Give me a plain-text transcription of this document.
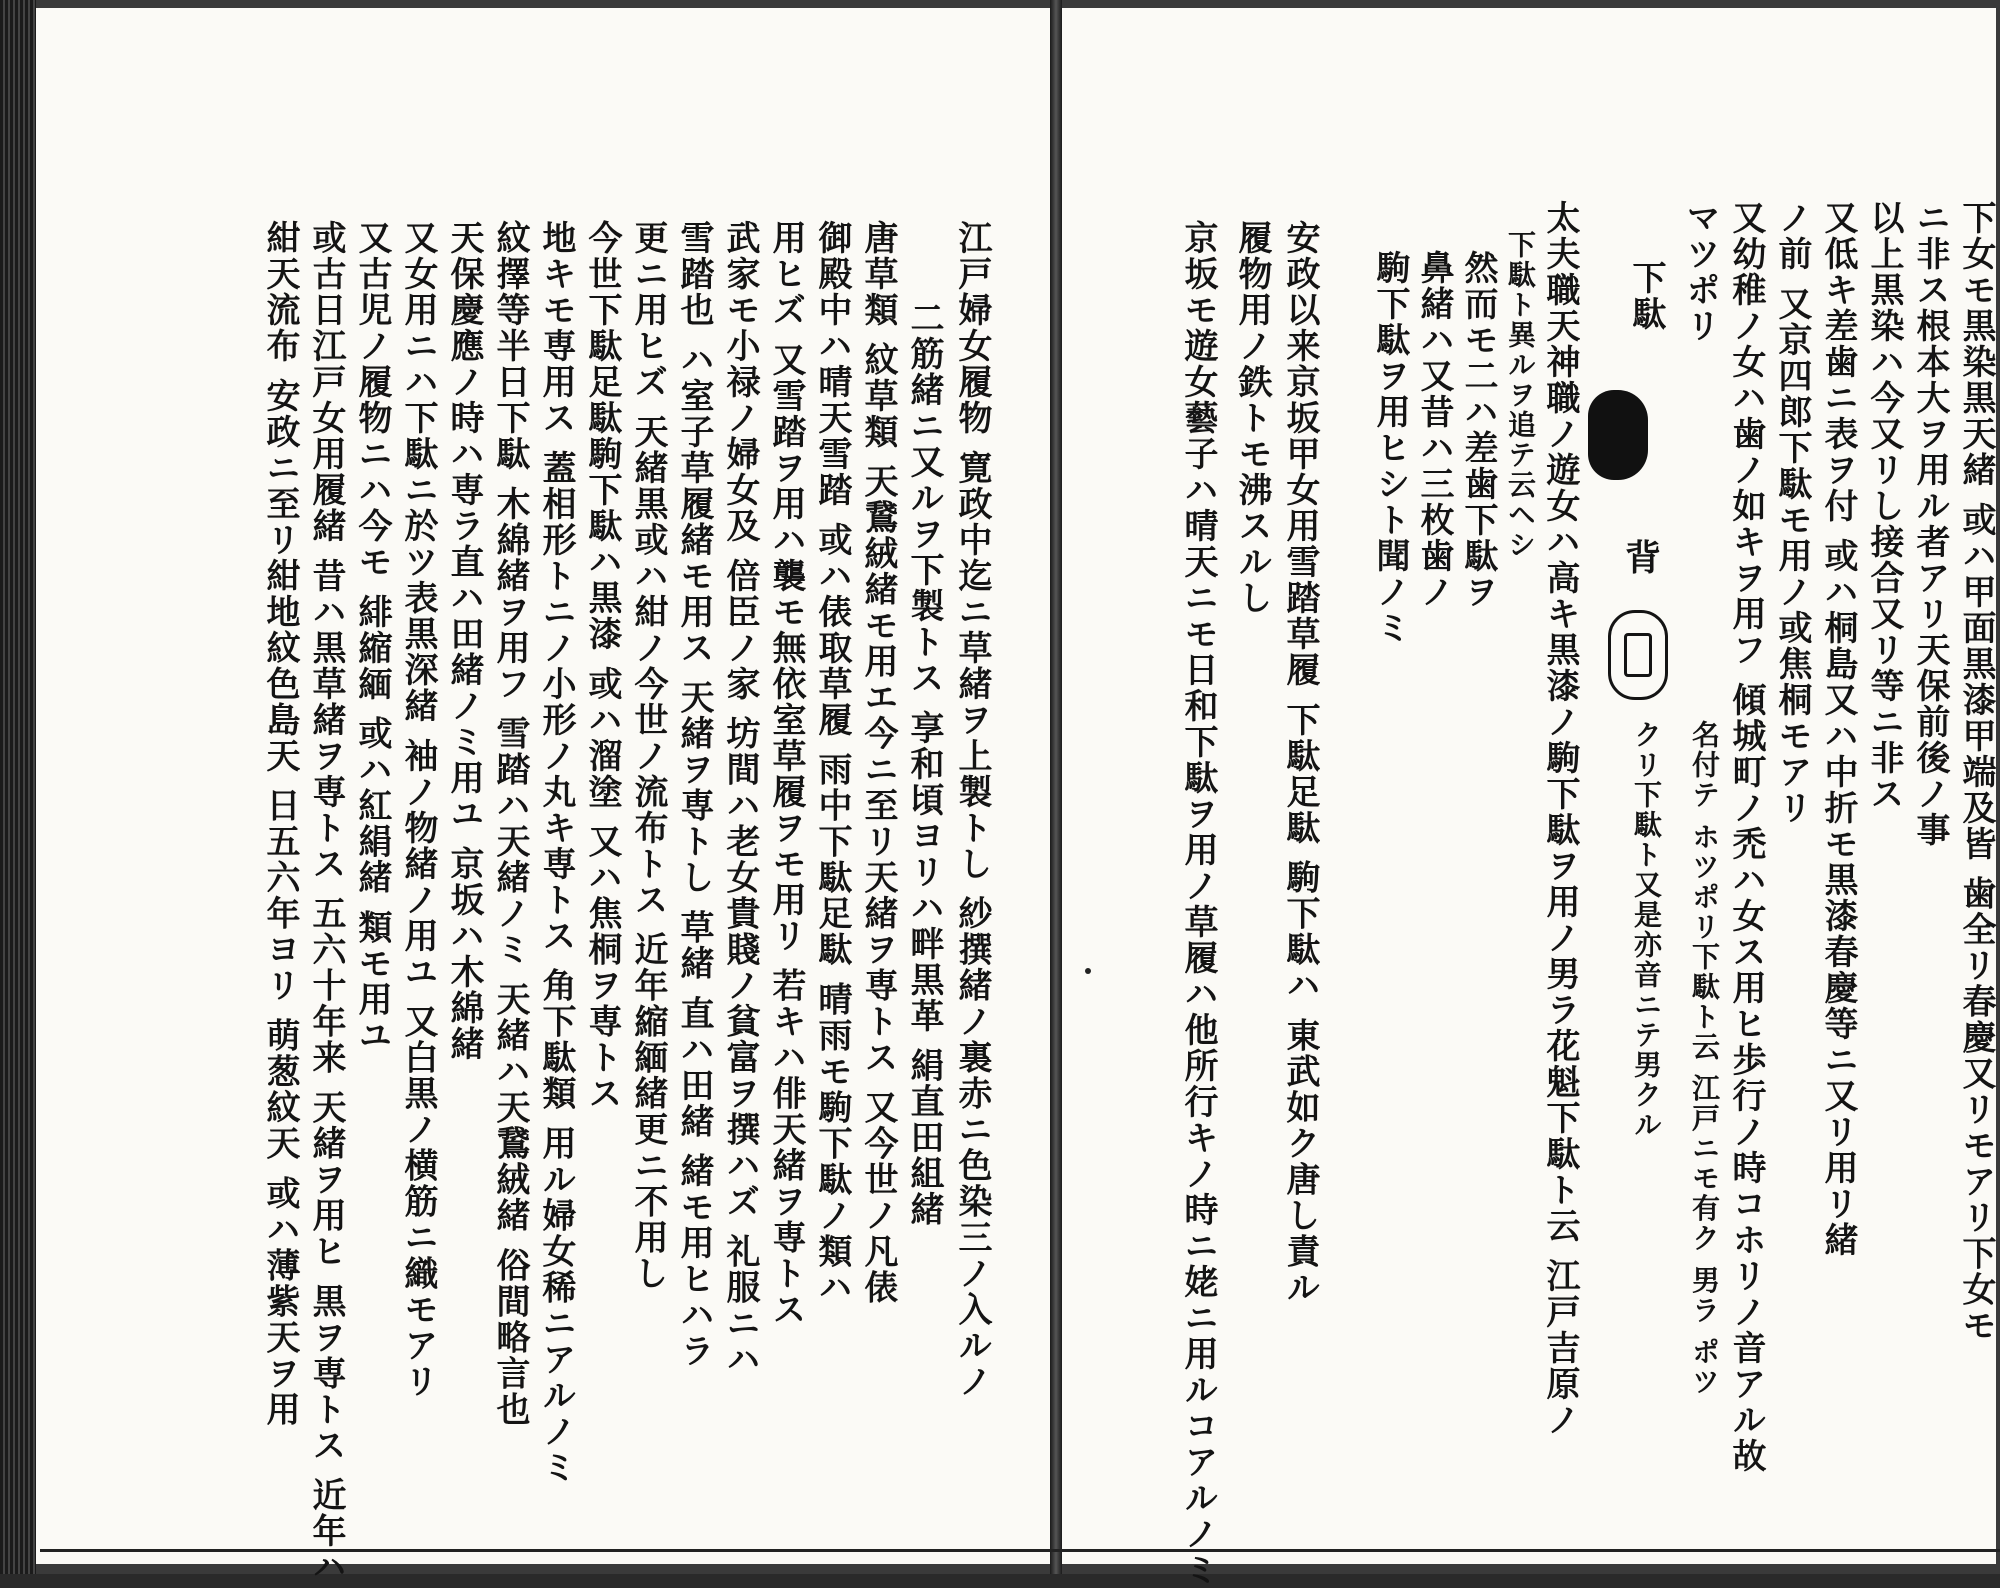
下女モ黒染黒天緒 或ハ甲面黒漆甲端及皆 歯全リ春慶又リモアリ下女モ
ニ非ス根本大ヲ用ル者アリ天保前後ノ事
以上黒染ハ今又リし接合又リ等ニ非ス
又低キ差歯ニ表ヲ付 或ハ桐島又ハ中折モ黒漆春慶等ニ又リ用リ緒
ノ前 又京四郎下駄モ用ノ或焦桐モアリ
又幼稚ノ女ハ歯ノ如キヲ用フ 傾城町ノ禿ハ女ス用ヒ歩行ノ時コホリノ音アル故
マツポリ
下駄
背
名付テ ホツポリ下駄ト云 江戸ニモ有ク 男ラ ポツ
クリ下駄ト又是亦音ニテ男クル
太夫職天神職ノ遊女ハ高キ黒漆ノ駒下駄ヲ用ノ男ラ花魁下駄ト云 江戸吉原ノ
下駄ト異ルヲ追テ云ヘシ
然而モ二ハ差歯下駄ヲ
鼻緒ハ又昔ハ三枚歯ノ
駒下駄ヲ用ヒシト聞ノミ
安政以来京坂甲女用雪踏草履 下駄足駄 駒下駄ハ 東武如ク唐し責ル
履物用ノ鉄トモ沸スルし
京坂モ遊女藝子ハ晴天ニモ日和下駄ヲ用ノ草履ハ他所行キノ時ニ姥ニ用ルコアルノミ
江戸婦女履物 寛政中迄ニ草緒ヲ上製トし 紗撰緒ノ裏赤ニ色染三ノ入ルノ
二筋緒ニ又ルヲ下製トス 享和頃ヨリハ畔黒革 絹直田組緒
唐草類 紋草類 天鵞絨緒モ用エ今ニ至リ天緒ヲ専トス 又今世ノ凡俵
御殿中ハ晴天雪踏 或ハ俵取草履 雨中下駄足駄 晴雨モ駒下駄ノ類ハ
用ヒズ 又雪踏ヲ用ハ襲モ無依室草履ヲモ用リ 若キハ俳天緒ヲ専トス
武家モ小禄ノ婦女及 倍臣ノ家 坊間ハ老女貴賤ノ貧富ヲ撰ハズ 礼服ニハ
雪踏也 ハ室子草履緒モ用ス 天緒ヲ専トし 草緒 直ハ田緒 緒モ用ヒハラ
更ニ用ヒズ 天緒黒或ハ紺ノ今世ノ流布トス 近年縮緬緒更ニ不用し
今世下駄足駄駒下駄ハ黒漆 或ハ溜塗 又ハ焦桐ヲ専トス
地キモ専用ス 蓋相形トニノ小形ノ丸キ専トス 角下駄類 用ル婦女稀ニアルノミ
紋擇等半日下駄 木綿緒ヲ用フ 雪踏ハ天緒ノミ 天緒ハ天鵞絨緒 俗間略言也
天保慶應ノ時ハ専ラ直ハ田緒ノミ用ユ 京坂ハ木綿緒
又女用ニハ下駄ニ於ツ表黒深緒 袖ノ物緒ノ用ユ 又白黒ノ横筋ニ織モアリ
又古児ノ履物ニハ今モ 緋縮緬 或ハ紅絹緒 類モ用ユ
或古日江戸女用履緒 昔ハ黒草緒ヲ専トス 五六十年来 天緒ヲ用ヒ 黒ヲ専トス 近年ハ
紺天流布 安政ニ至リ紺地紋色島天 日五六年ヨリ 萌葱紋天 或ハ薄紫天ヲ用
